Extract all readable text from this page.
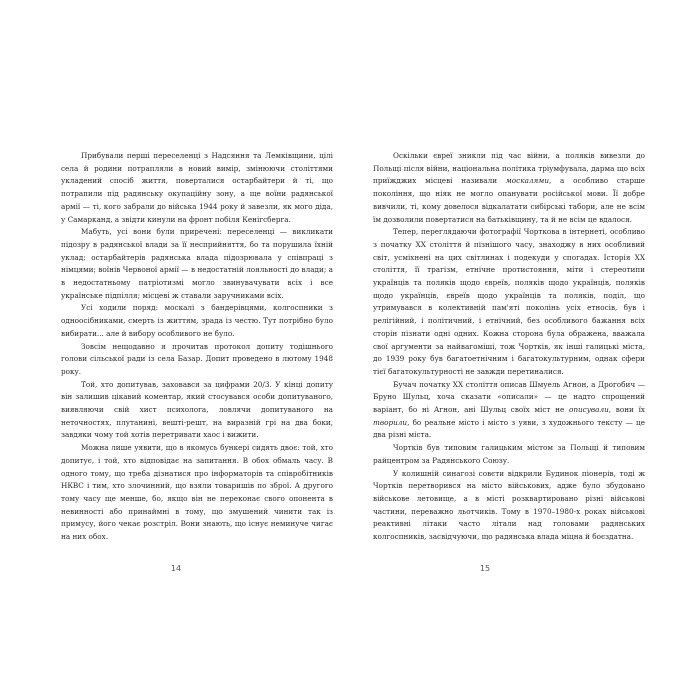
Прибували перші переселенці з Надсяння та Лемківщини, цілі села й родини потрапляли в новий вимір, змінюючи століттями укладений спосіб життя, поверталися остарбайтери й ті, що потрапили під радянську окупаційну зону, а ще воїни радянської армії — ті, кого забрали до війська 1944 року й завезли, як мого діда, у Самарканд, а звідти кинули на фронт побіля Кенігсберга.

Мабуть, усі вони були приречені: переселенці — викликати підозру в радянської влади за її несприйняття, бо та порушила їхній уклад; остарбайтерів радянська влада підозрювала у співпраці з німцями; воїнів Червоної армії — в недостатній лояльності до влади; а в недостатньому патріотизмі могло звинувачувати всіх і все українське підпілля; місцеві ж ставали заручниками всіх.

Усі ходили поряд: москалі з бандерівцями, колгоспники з одноосібниками, смерть із життям, зрада із честю. Тут потрібно було вибирати... але й вибору особливого не було.

Зовсім нещодавно я прочитав протокол допиту тодішнього голови сільської ради із села Базар. Допит проведено в лютому 1948 року.

Той, хто допитував, заховався за цифрами 20/3. У кінці допиту він залишив цікавий коментар, який стосувався особи допитуваного, виявляючи свій хист психолога, ловлячи допитуваного на неточностях, плутанині, вешті-решт, на виразній грі на два боки, завдяки чому той хотів перетривати хаос і вижити.

Можна лише уявити, що в якомусь бункері сидять двоє: той, хто допитує, і той, хто відповідає на запитання. В обох обмаль часу. В одного тому, що треба дізнатися про інформаторів та співробітників НКВС і тим, хто злочинний, що взяли товаришів по зброї. А другого тому часу ще менше, бо, якщо він не переконає свого опонента в невинності або принаймні в тому, що змушений чинити так із примусу, його чекає розстріл. Вони знають, що існує неминуче чигає на них обох.

14

Оскільки євреї зникли під час війни, а поляків вивезли до Польщі після війни, національна політика тріумфувала, дарма що всіх приїжджих місцеві називали москалями, а особливо старше покоління, що ніяк не могло опанувати російської мови. Її добре вивчили, ті, кому довелося відкалатати сибірські табори, але не всім їм дозволили повертатися на батьківщину, та й не всім це вдалося.

Тепер, переглядаючи фотографії Чорткова в інтернеті, особливо з початку XX століття й пізнішого часу, знаходжу в них особливий світ, усміхнені на цих світлинах і подекуди у спогадах. Історія XX століття, її трагізм, етнічне протистояння, міти і стереотипи українців та поляків щодо євреїв, поляків щодо українців, поляків щодо українців, євреїв щодо українців та поляків, поділ, що утримувався в колективній пам'яті поколінь усіх етносів, був і релігійний, і політичний, і етнічний, без особливого бажання всіх сторін пізнати одні одних. Кожна сторона була ображена, вважала свої аргументи за найвагоміші, тож Чортків, як інші галицькі міста, до 1939 року був багатоетнічним і багатокультурним, однак сфери тієї багатокультурності не завжди перетиналися.

Бучач початку XX століття описав Шмуель Агнон, а Дрогобич — Бруно Шульц, хоча сказати «описали» — це надто спрощений варіант, бо ні Агнон, ані Шульц своїх міст не описували, вони їх творили, бо реальне місто і місто з уяви, з художнього тексту — це два різні міста.

Чортків був типовим галицьким містом за Польщі й типовим райцентром за Радянського Союзу.

У колишній синагозі совєти відкрили Будинок піонерів, тоді ж Чортків перетворився на місто військових, адже було збудовано військове летовище, а в місті розквартировано різні військові частини, переважно льотчиків. Тому в 1970–1980-х роках військові реактивні літаки часто літали над головами радянських колгоспників, засвідчуючи, що радянська влада міцна й боєздатна.

15
